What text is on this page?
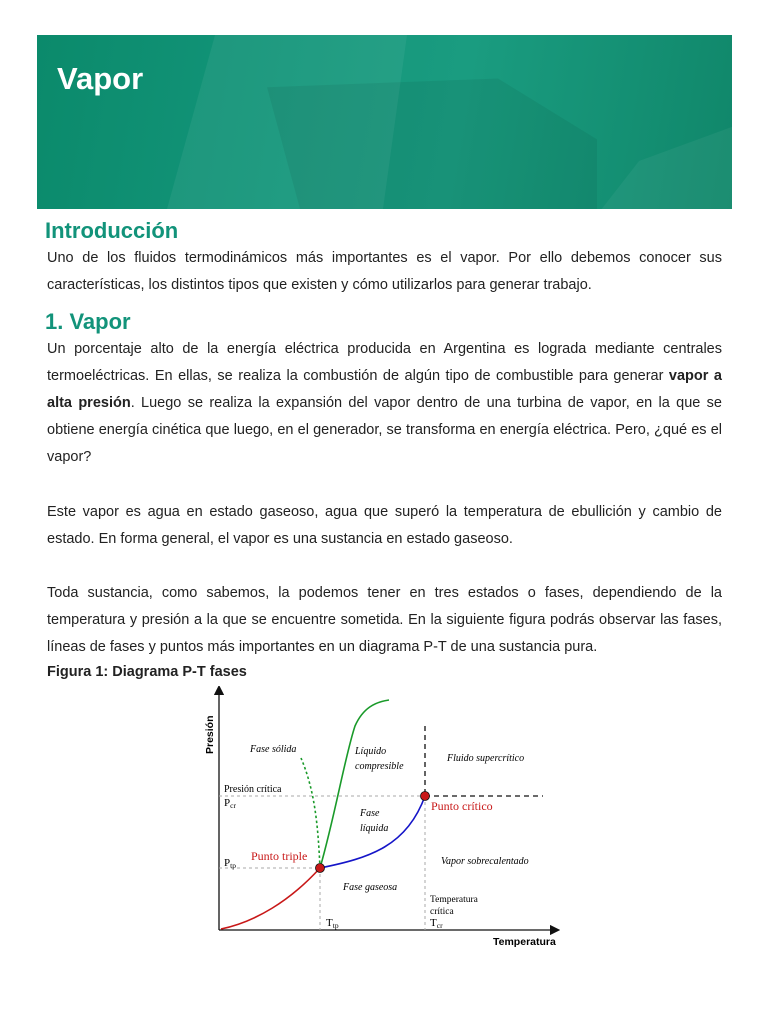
Vapor
Introducción

Uno de los fluidos termodinámicos más importantes es el vapor. Por ello debemos conocer sus características, los distintos tipos que existen y cómo utilizarlos para generar trabajo.

1. Vapor

Un porcentaje alto de la energía eléctrica producida en Argentina es lograda mediante centrales termoeléctricas. En ellas, se realiza la combustión de algún tipo de combustible para generar vapor a alta presión. Luego se realiza la expansión del vapor dentro de una turbina de vapor, en la que se obtiene energía cinética que luego, en el generador, se transforma en energía eléctrica. Pero, ¿qué es el vapor?

Este vapor es agua en estado gaseoso, agua que superó la temperatura de ebullición y cambio de estado. En forma general, el vapor es una sustancia en estado gaseoso.

Toda sustancia, como sabemos, la podemos tener en tres estados o fases, dependiendo de la temperatura y presión a la que se encuentre sometida. En la siguiente figura podrás observar las fases, líneas de fases y puntos más importantes en un diagrama P-T de una sustancia pura.

Figura 1: Diagrama P-T fases

Presión
Temperatura
Fase sólida	Líquido
compresible
Fluido supercrítico
Presión crítica
Pcr	Punto crítico
Fase
líquida
Punto triple
Ptp	Vapor sobrecalentado
Fase gaseosa
Ttp
Temperatura
crítica
Tcr
